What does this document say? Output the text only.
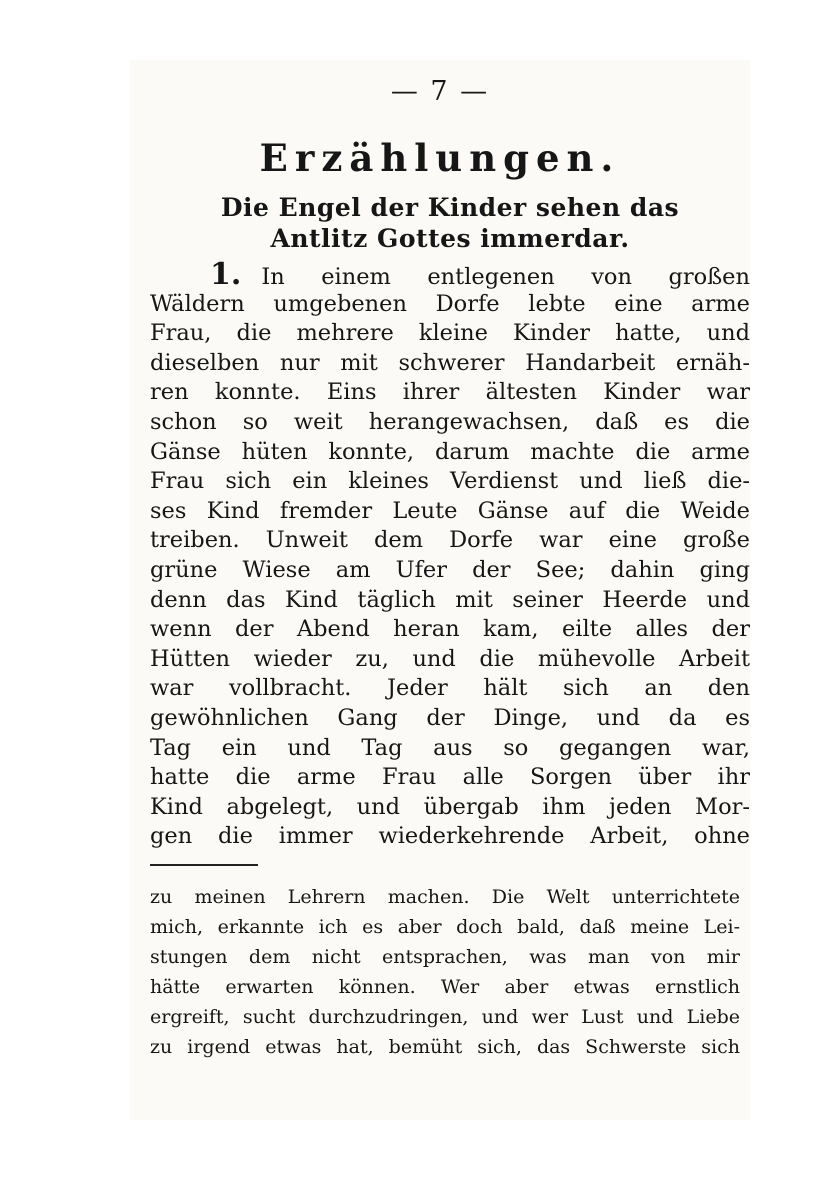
— 7 —
Erzählungen.
Die Engel der Kinder sehen das
Antlitz Gottes immerdar.
1. In einem entlegenen von großen
Wäldern umgebenen Dorfe lebte eine arme
Frau, die mehrere kleine Kinder hatte, und
dieselben nur mit schwerer Handarbeit ernäh-
ren konnte. Eins ihrer ältesten Kinder war
schon so weit herangewachsen, daß es die
Gänse hüten konnte, darum machte die arme
Frau sich ein kleines Verdienst und ließ die-
ses Kind fremder Leute Gänse auf die Weide
treiben. Unweit dem Dorfe war eine große
grüne Wiese am Ufer der See; dahin ging
denn das Kind täglich mit seiner Heerde und
wenn der Abend heran kam, eilte alles der
Hütten wieder zu, und die mühevolle Arbeit
war vollbracht. Jeder hält sich an den
gewöhnlichen Gang der Dinge, und da es
Tag ein und Tag aus so gegangen war,
hatte die arme Frau alle Sorgen über ihr
Kind abgelegt, und übergab ihm jeden Mor-
gen die immer wiederkehrende Arbeit, ohne
zu meinen Lehrern machen. Die Welt unterrichtete
mich, erkannte ich es aber doch bald, daß meine Lei-
stungen dem nicht entsprachen, was man von mir
hätte erwarten können. Wer aber etwas ernstlich
ergreift, sucht durchzudringen, und wer Lust und Liebe
zu irgend etwas hat, bemüht sich, das Schwerste sich
